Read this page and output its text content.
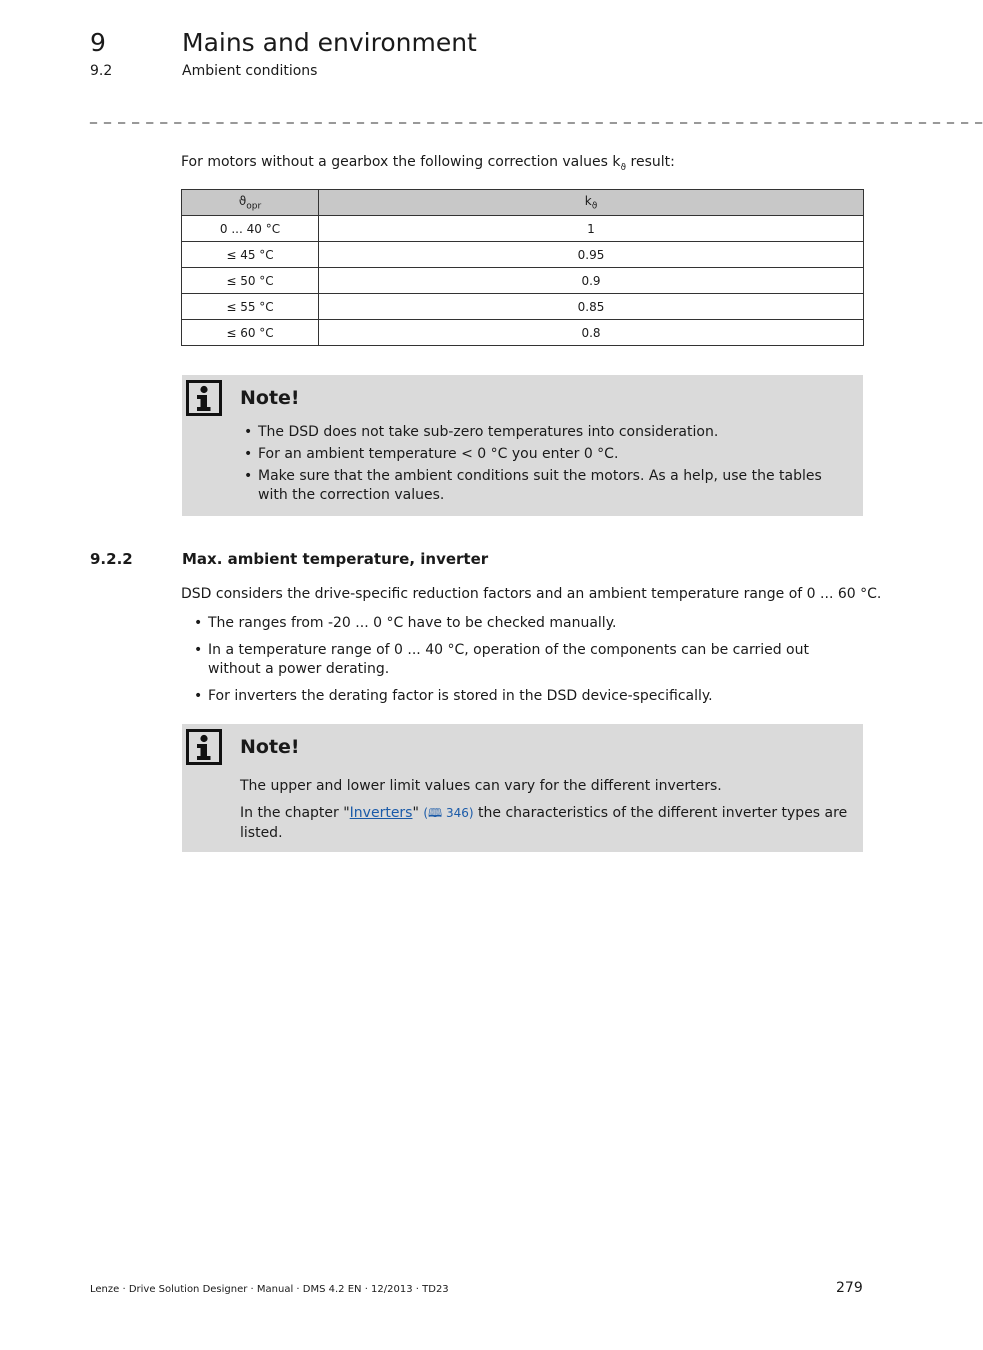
9	Mains and environment
9.2	Ambient conditions
_ _ _ _ _ _ _ _ _ _ _ _ _ _ _ _ _ _ _ _ _ _ _ _ _ _ _ _ _ _ _ _ _ _ _ _ _ _ _ _ _ _ _ _ _ _ _ _ _ _ _ _ _ _ _ _ _ _ _ _ _ _ _ _
For motors without a gearbox the following correction values $k_ϑ$ result:
$ϑ_{opr}$	$k_ϑ$
0 ... 40 °C	1
≤ 45 °C	0.95
≤ 50 °C	0.9
≤ 55 °C	0.85
≤ 60 °C	0.8
Note!
• The DSD does not take sub-zero temperatures into consideration.
• For an ambient temperature < 0 °C you enter 0 °C.
• Make sure that the ambient conditions suit the motors. As a help, use the tables with the correction values.
9.2.2	Max. ambient temperature, inverter
DSD considers the drive-specific reduction factors and an ambient temperature range of 0 ... 60 °C.
• The ranges from -20 ... 0 °C have to be checked manually.
• In a temperature range of 0 ... 40 °C, operation of the components can be carried out without a power derating.
• For inverters the derating factor is stored in the DSD device-specifically.
Note!

The upper and lower limit values can vary for the different inverters.

In the chapter "Inverters" (🕮 346) the characteristics of the different inverter types are listed.

Lenze · Drive Solution Designer · Manual · DMS 4.2 EN · 12/2013 · TD23	279
